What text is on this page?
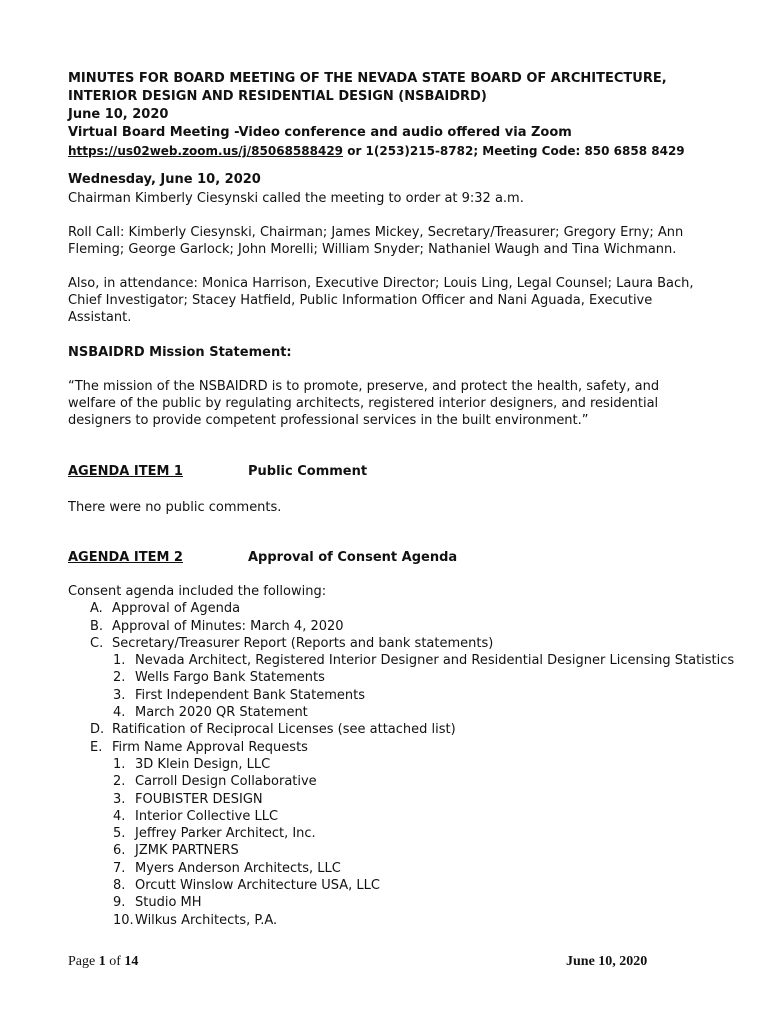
MINUTES FOR BOARD MEETING OF THE NEVADA STATE BOARD OF ARCHITECTURE,
INTERIOR DESIGN AND RESIDENTIAL DESIGN (NSBAIDRD)
June 10, 2020
Virtual Board Meeting -Video conference and audio offered via Zoom
https://us02web.zoom.us/j/85068588429 or 1(253)215-8782; Meeting Code: 850 6858 8429
Wednesday, June 10, 2020
Chairman Kimberly Ciesynski called the meeting to order at 9:32 a.m.
Roll Call: Kimberly Ciesynski, Chairman; James Mickey, Secretary/Treasurer; Gregory Erny; Ann Fleming; George Garlock; John Morelli; William Snyder; Nathaniel Waugh and Tina Wichmann.
Also, in attendance: Monica Harrison, Executive Director; Louis Ling, Legal Counsel; Laura Bach, Chief Investigator; Stacey Hatfield, Public Information Officer and Nani Aguada, Executive Assistant.
NSBAIDRD Mission Statement:
“The mission of the NSBAIDRD is to promote, preserve, and protect the health, safety, and welfare of the public by regulating architects, registered interior designers, and residential designers to provide competent professional services in the built environment.”
AGENDA ITEM 1	Public Comment
There were no public comments.
AGENDA ITEM 2	Approval of Consent Agenda
Consent agenda included the following:
A. Approval of Agenda
B. Approval of Minutes: March 4, 2020
C. Secretary/Treasurer Report (Reports and bank statements)
1. Nevada Architect, Registered Interior Designer and Residential Designer Licensing Statistics
2. Wells Fargo Bank Statements
3. First Independent Bank Statements
4. March 2020 QR Statement
D. Ratification of Reciprocal Licenses (see attached list)
E. Firm Name Approval Requests
1. 3D Klein Design, LLC
2. Carroll Design Collaborative
3. FOUBISTER DESIGN
4. Interior Collective LLC
5. Jeffrey Parker Architect, Inc.
6. JZMK PARTNERS
7. Myers Anderson Architects, LLC
8. Orcutt Winslow Architecture USA, LLC
9. Studio MH
10.Wilkus Architects, P.A.
Page 1 of 14	June 10, 2020
